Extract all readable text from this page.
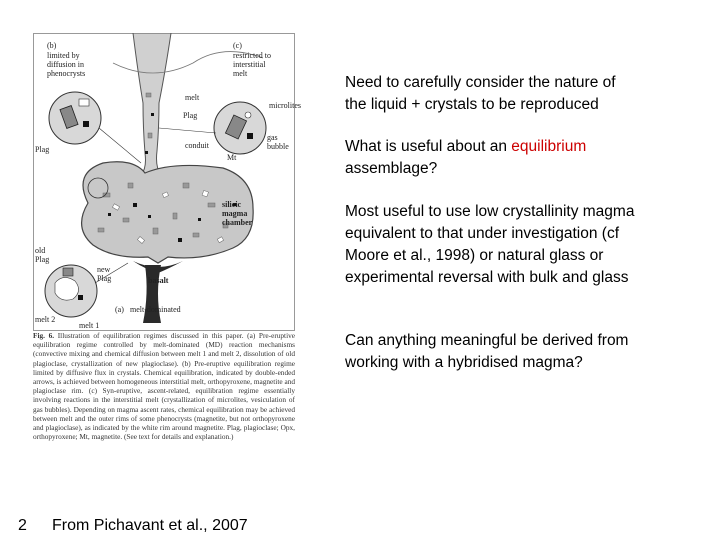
(b)
limited by
diffusion in
phenocrysts
(c)
restricted to
interstitial
melt
melt
microlites
Plag
gas bubble
Plag	conduit
Mt
silicic
magma
chamber
basalt
old
Plag
new
Plag
(a) melt-dominated
melt 2
melt 1
Fig. 6. Illustration of equilibration regimes discussed in this paper. (a) Pre-eruptive equilibration regime controlled by melt-dominated (MD) reaction mechanisms (convective mixing and chemical diffusion between melt 1 and melt 2, dissolution of old plagioclase, crystallization of new plagioclase). (b) Pre-eruptive equilibration regime limited by diffusive flux in crystals. Chemical equilibration, indicated by double-ended arrows, is achieved between homogeneous interstitial melt, orthopyroxene, magnetite and plagioclase rim. (c) Syn-eruptive, ascent-related, equilibration regime essentially involving reactions in the interstitial melt (crystallization of microlites, vesiculation of gas bubbles). Depending on magma ascent rates, chemical equilibration may be achieved between melt and the outer rims of some phenocrysts (magnetite, but not orthopyroxene and plagioclase), as indicated by the white rim around magnetite. Plag, plagioclase; Opx, orthopyroxene; Mt, magnetite. (See text for details and explanation.)
Need to carefully consider the nature of
the liquid + crystals to be reproduced
What is useful about an equilibrium
assemblage?
Most useful to use low crystallinity magma
equivalent to that under investigation (cf
Moore et al., 1998) or natural glass or
experimental reversal with bulk and glass
Can anything meaningful be derived from
working with a hybridised magma?
2 From Pichavant et al., 2007
